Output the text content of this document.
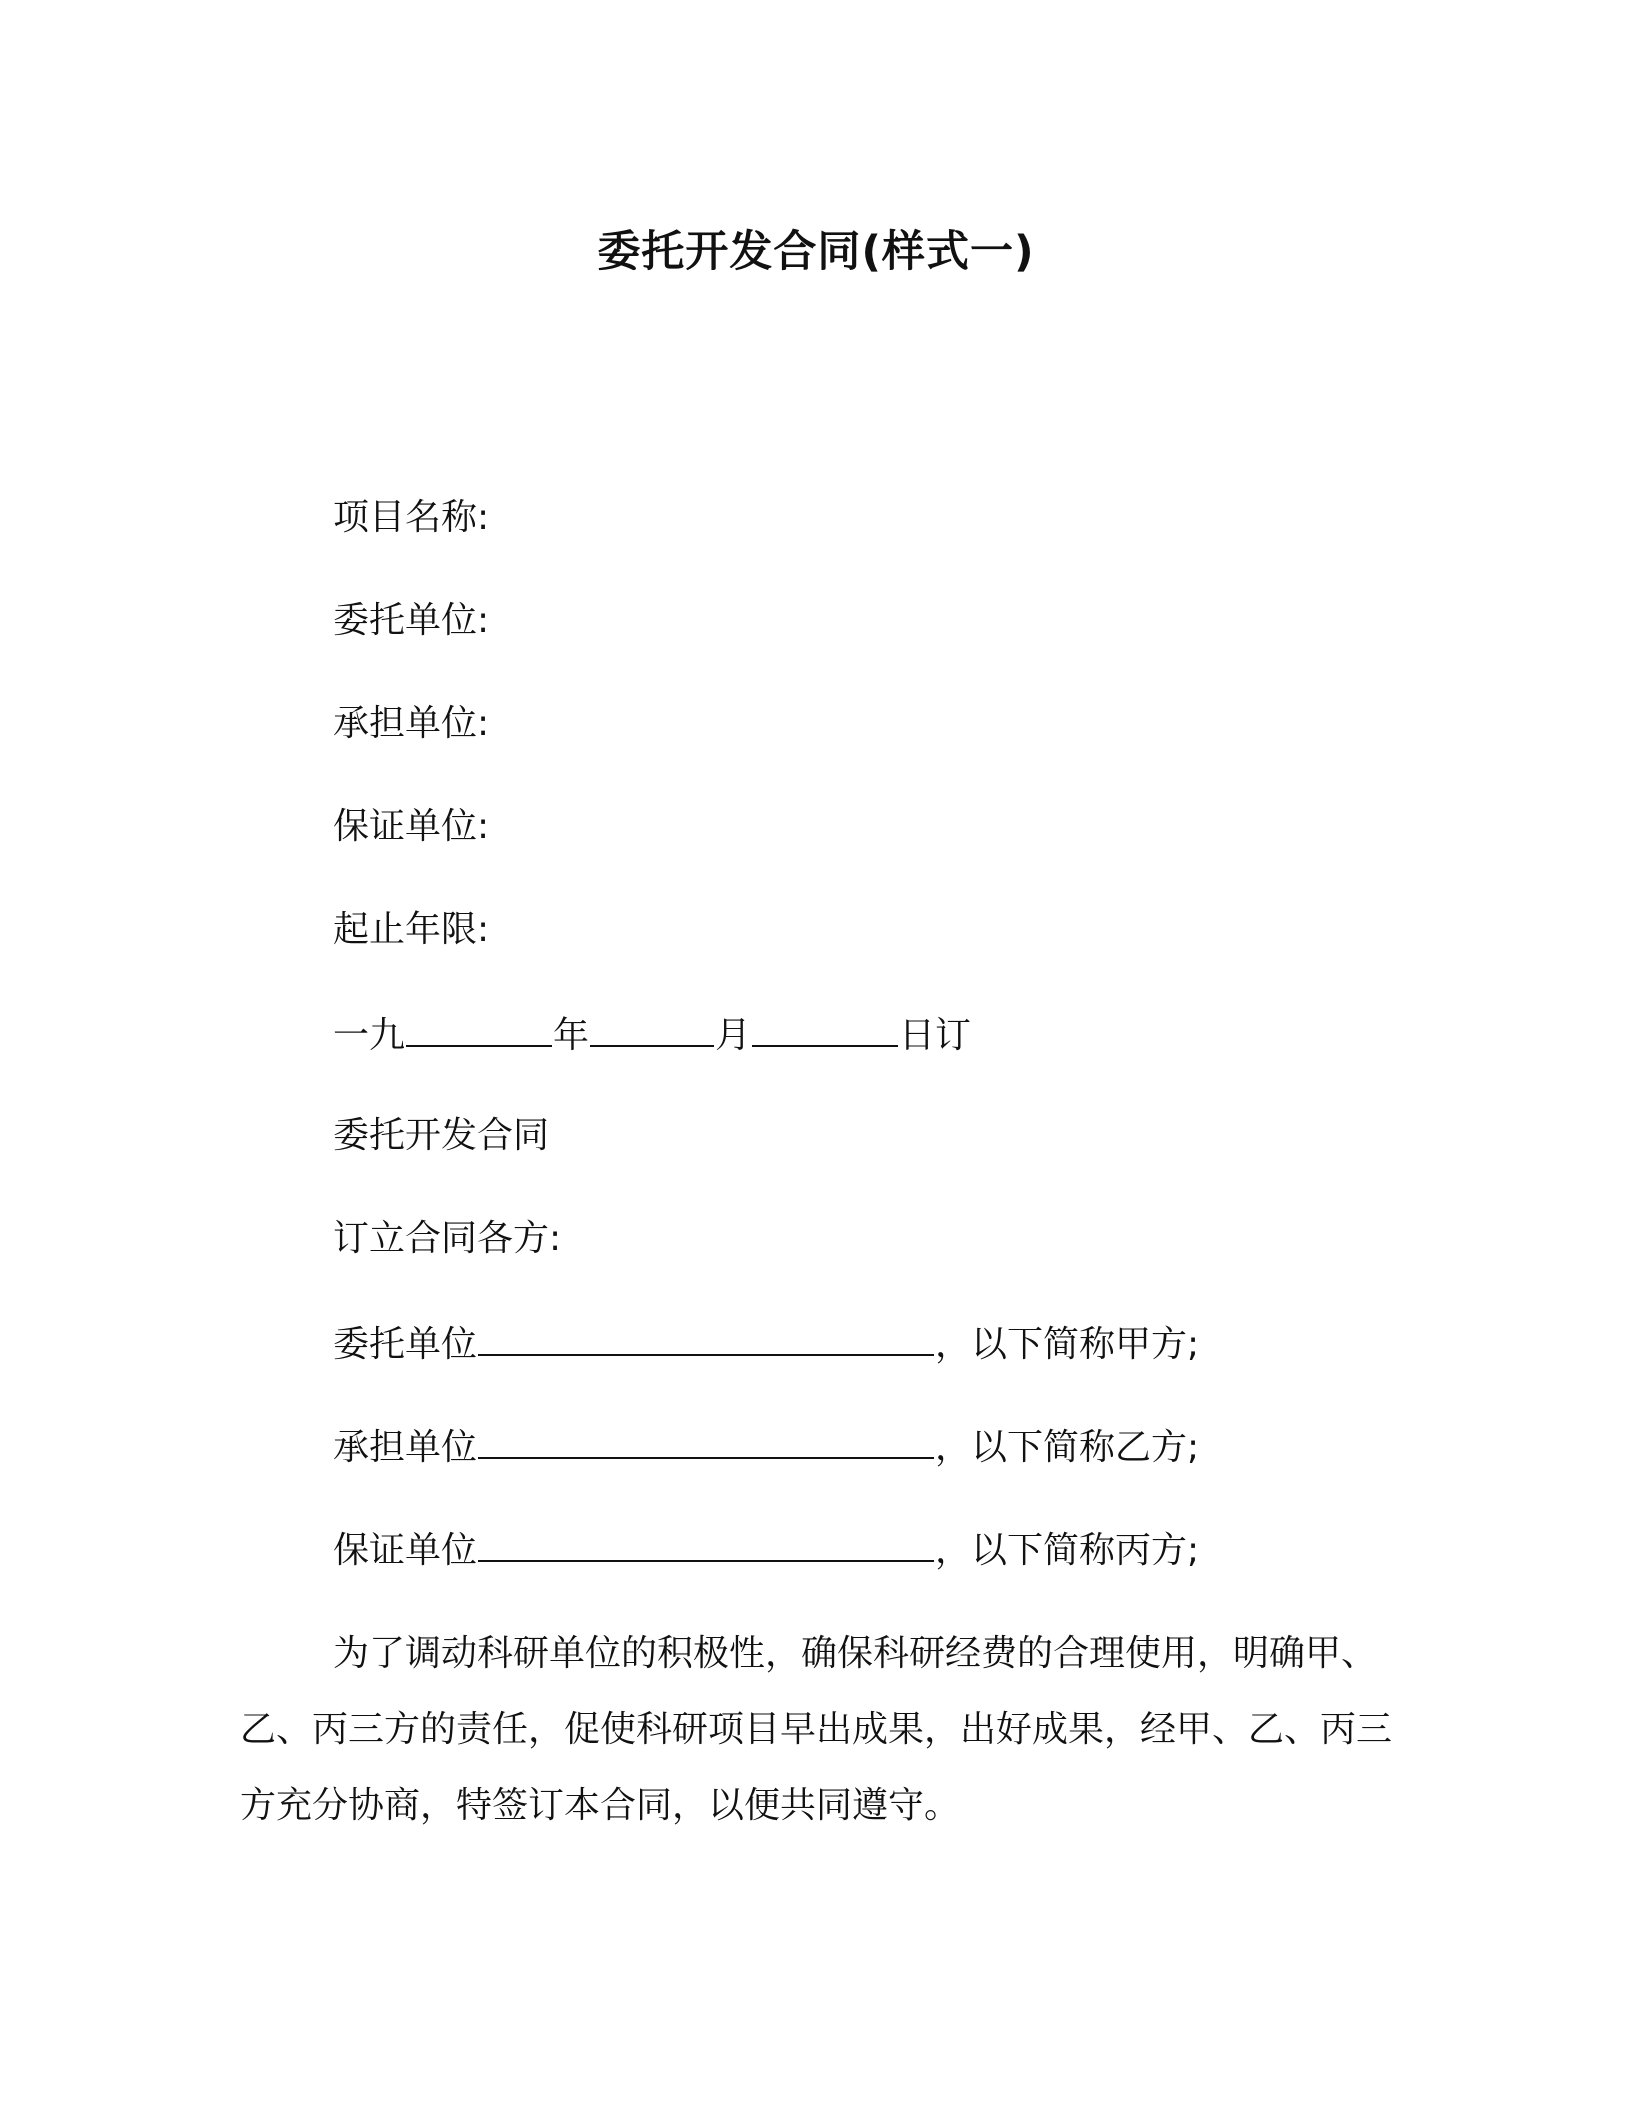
委托开发合同(样式一)
项目名称:
委托单位:
承担单位:
保证单位:
起止年限:
一九	年	月	日订
委托开发合同
订立合同各方:
委托单位	，以下简称甲方;
承担单位	，以下简称乙方;
保证单位	，以下简称丙方;
为了调动科研单位的积极性，确保科研经费的合理使用，明确甲、乙、丙三方的责任，促使科研项目早出成果，出好成果，经甲、乙、丙三方充分协商，特签订本合同，以便共同遵守。
